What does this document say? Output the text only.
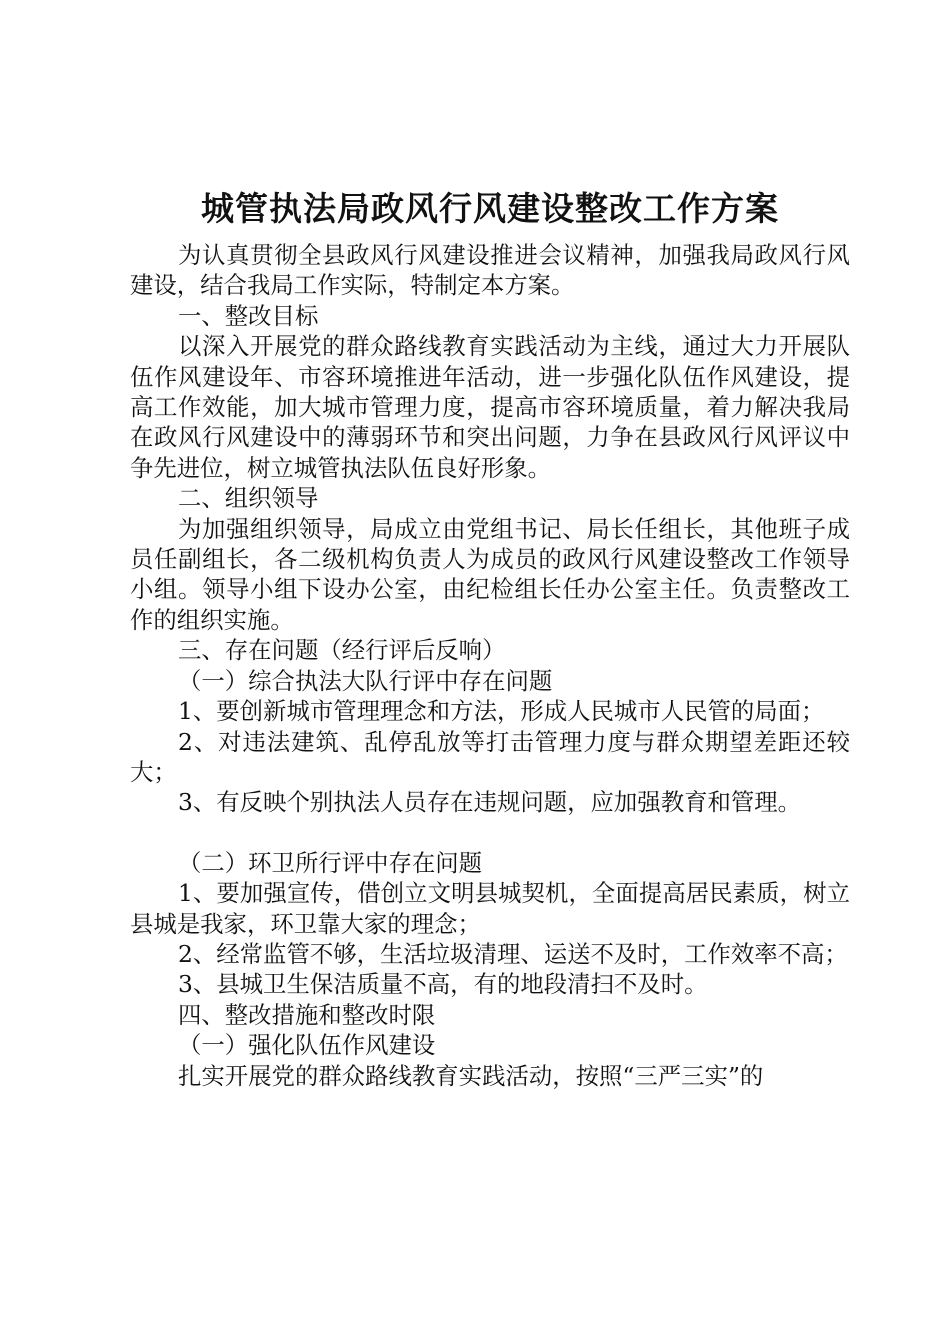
城管执法局政风行风建设整改工作方案

为认真贯彻全县政风行风建设推进会议精神，加强我局政风行风建设，结合我局工作实际，特制定本方案。

一、整改目标

以深入开展党的群众路线教育实践活动为主线，通过大力开展队伍作风建设年、市容环境推进年活动，进一步强化队伍作风建设，提高工作效能，加大城市管理力度，提高市容环境质量，着力解决我局在政风行风建设中的薄弱环节和突出问题，力争在县政风行风评议中争先进位，树立城管执法队伍良好形象。

二、组织领导

为加强组织领导，局成立由党组书记、局长任组长，其他班子成员任副组长，各二级机构负责人为成员的政风行风建设整改工作领导小组。领导小组下设办公室，由纪检组长任办公室主任。负责整改工作的组织实施。

三、存在问题（经行评后反响）

（一）综合执法大队行评中存在问题

1、要创新城市管理理念和方法，形成人民城市人民管的局面；

2、对违法建筑、乱停乱放等打击管理力度与群众期望差距还较大；

3、有反映个别执法人员存在违规问题，应加强教育和管理。

（二）环卫所行评中存在问题

1、要加强宣传，借创立文明县城契机，全面提高居民素质，树立县城是我家，环卫靠大家的理念；

2、经常监管不够，生活垃圾清理、运送不及时，工作效率不高；

3、县城卫生保洁质量不高，有的地段清扫不及时。

四、整改措施和整改时限

（一）强化队伍作风建设

扎实开展党的群众路线教育实践活动，按照“三严三实”的
